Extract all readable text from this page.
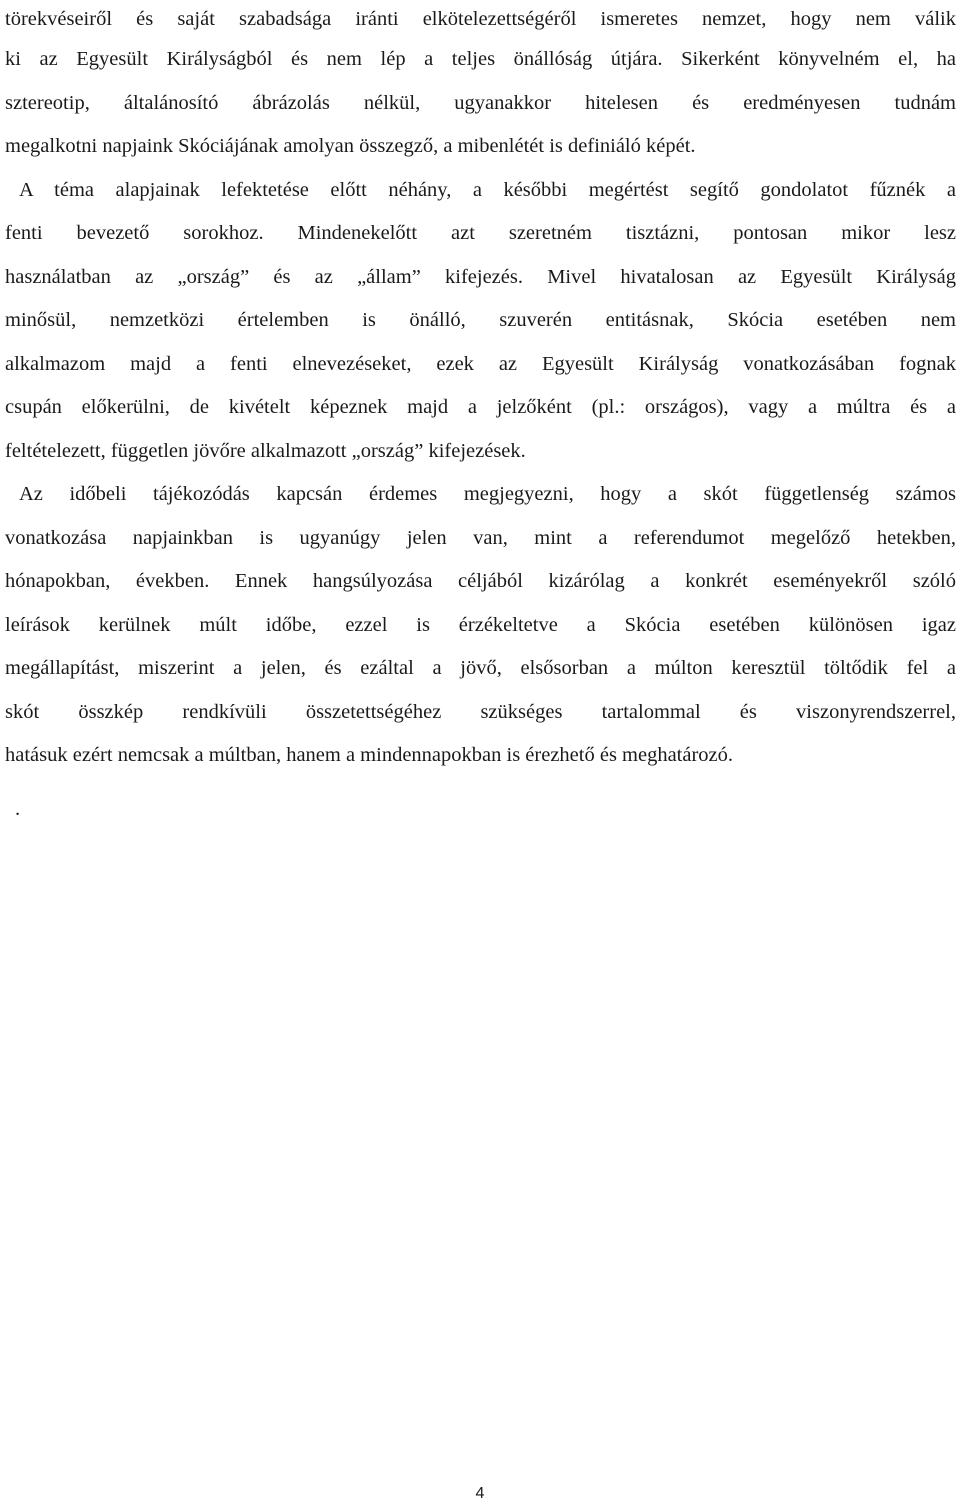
törekvéseiről és saját szabadsága iránti elkötelezettségéről ismeretes nemzet, hogy nem válik
ki az Egyesült Királyságból és nem lép a teljes önállóság útjára. Sikerként könyvelném el, ha
sztereotip, általánosító ábrázolás nélkül, ugyanakkor hitelesen és eredményesen tudnám
megalkotni napjaink Skóciájának amolyan összegző, a mibenlétét is definiáló képét.
A téma alapjainak lefektetése előtt néhány, a későbbi megértést segítő gondolatot fűznék a
fenti bevezető sorokhoz. Mindenekelőtt azt szeretném tisztázni, pontosan mikor lesz
használatban az „ország” és az „állam” kifejezés. Mivel hivatalosan az Egyesült Királyság
minősül, nemzetközi értelemben is önálló, szuverén entitásnak, Skócia esetében nem
alkalmazom majd a fenti elnevezéseket, ezek az Egyesült Királyság vonatkozásában fognak
csupán előkerülni, de kivételt képeznek majd a jelzőként (pl.: országos), vagy a múltra és a
feltételezett, független jövőre alkalmazott „ország” kifejezések.
Az időbeli tájékozódás kapcsán érdemes megjegyezni, hogy a skót függetlenség számos
vonatkozása napjainkban is ugyanúgy jelen van, mint a referendumot megelőző hetekben,
hónapokban, években. Ennek hangsúlyozása céljából kizárólag a konkrét eseményekről szóló
leírások kerülnek múlt időbe, ezzel is érzékeltetve a Skócia esetében különösen igaz
megállapítást, miszerint a jelen, és ezáltal a jövő, elsősorban a múlton keresztül töltődik fel a
skót összkép rendkívüli összetettségéhez szükséges tartalommal és viszonyrendszerrel,
hatásuk ezért nemcsak a múltban, hanem a mindennapokban is érezhető és meghatározó.
.
4
